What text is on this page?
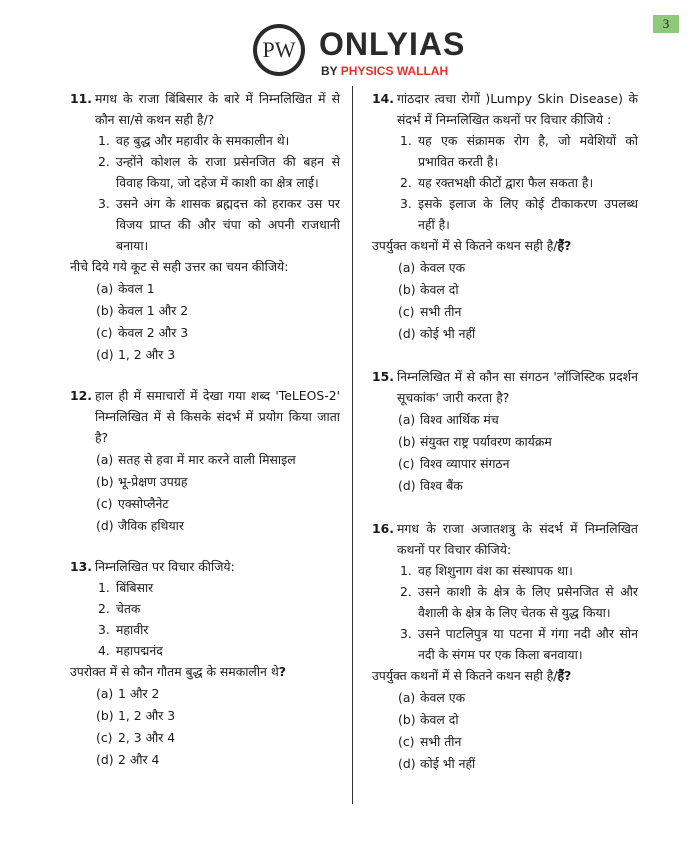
3
PW ONLYIAS
BY PHYSICS WALLAH
11. मगध के राजा बिंबिसार के बारे में निम्नलिखित में से कौन सा/से कथन सही है/?
1. वह बुद्ध और महावीर के समकालीन थे।
2. उन्होंने कोशल के राजा प्रसेनजित की बहन से विवाह किया, जो दहेज में काशी का क्षेत्र लाई।
3. उसने अंग के शासक ब्रह्मदत्त को हराकर उस पर विजय प्राप्त की और चंपा को अपनी राजधानी बनाया।
नीचे दिये गये कूट से सही उत्तर का चयन कीजिये:
(a) केवल 1
(b) केवल 1 और 2
(c) केवल 2 और 3
(d) 1, 2 और 3
12. हाल ही में समाचारों में देखा गया शब्द 'TeLEOS-2' निम्नलिखित में से किसके संदर्भ में प्रयोग किया जाता है?
(a) सतह से हवा में मार करने वाली मिसाइल
(b) भू-प्रेक्षण उपग्रह
(c) एक्सोप्लैनेट
(d) जैविक हथियार
13. निम्नलिखित पर विचार कीजिये:
1. बिंबिसार
2. चेतक
3. महावीर
4. महापद्मनंद
उपरोक्त में से कौन गौतम बुद्ध के समकालीन थे?
(a) 1 और 2
(b) 1, 2 और 3
(c) 2, 3 और 4
(d) 2 और 4
14. गांठदार त्वचा रोगों )Lumpy Skin Disease) के संदर्भ में निम्नलिखित कथनों पर विचार कीजिये :
1. यह एक संक्रामक रोग है, जो मवेशियों को प्रभावित करती है।
2. यह रक्तभक्षी कीटों द्वारा फैल सकता है।
3. इसके इलाज के लिए कोई टीकाकरण उपलब्ध नहीं है।
उपर्युक्त कथनों में से कितने कथन सही है/हैं?
(a) केवल एक
(b) केवल दो
(c) सभी तीन
(d) कोई भी नहीं
15. निम्नलिखित में से कौन सा संगठन 'लॉजिस्टिक प्रदर्शन सूचकांक' जारी करता है?
(a) विश्व आर्थिक मंच
(b) संयुक्त राष्ट्र पर्यावरण कार्यक्रम
(c) विश्व व्यापार संगठन
(d) विश्व बैंक
16. मगध के राजा अजातशत्रु के संदर्भ में निम्नलिखित कथनों पर विचार कीजिये:
1. वह शिशुनाग वंश का संस्थापक था।
2. उसने काशी के क्षेत्र के लिए प्रसेनजित से और वैशाली के क्षेत्र के लिए चेतक से युद्ध किया।
3. उसने पाटलिपुत्र या पटना में गंगा नदी और सोन नदी के संगम पर एक किला बनवाया।
उपर्युक्त कथनों में से कितने कथन सही है/हैं?
(a) केवल एक
(b) केवल दो
(c) सभी तीन
(d) कोई भी नहीं
